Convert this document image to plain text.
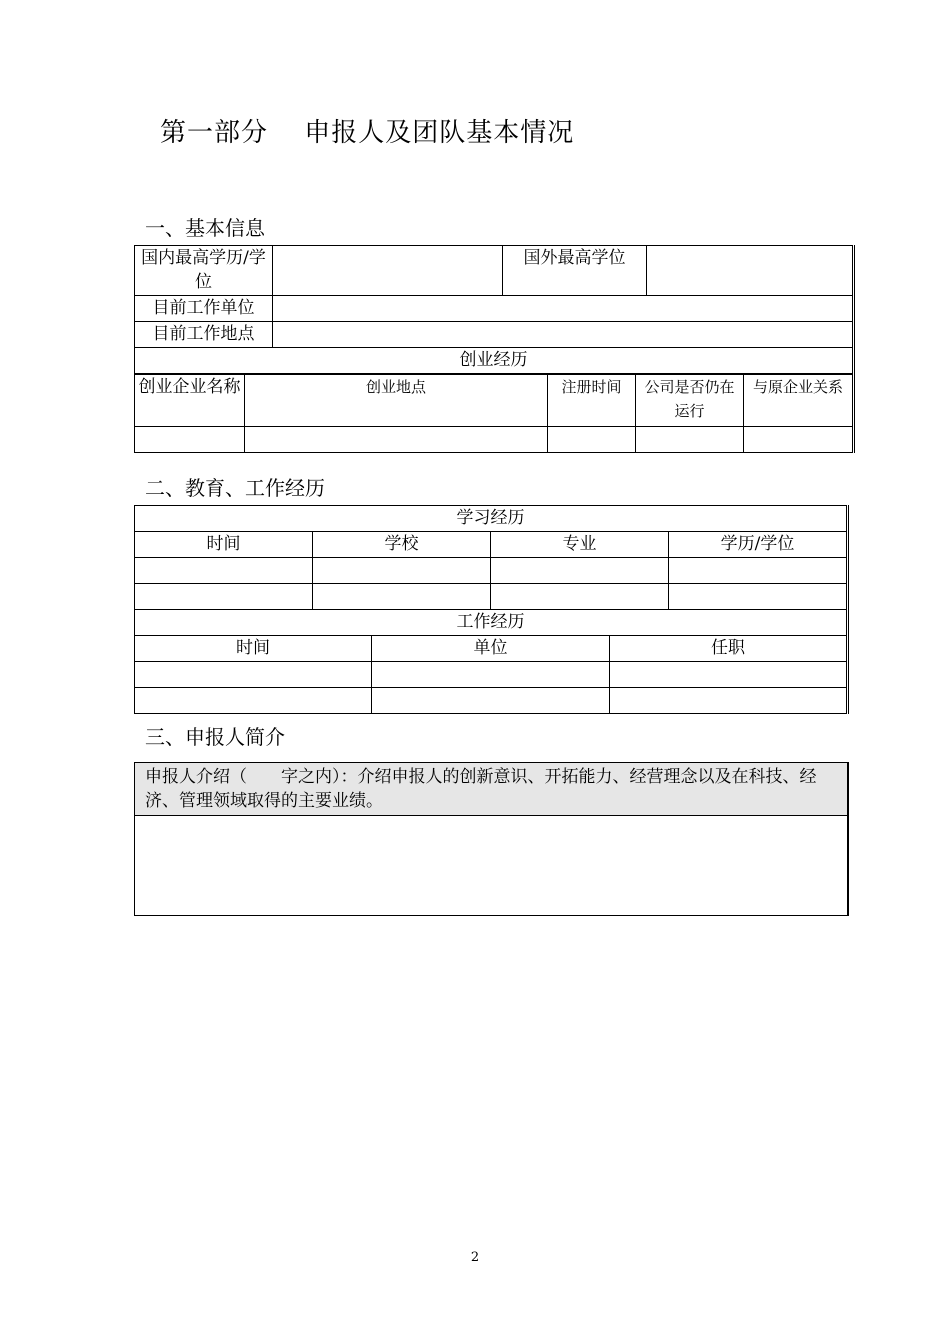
第一部分　 申报人及团队基本情况
一、基本信息
国内最高学历/学位		国外最高学位	
目前工作单位			
目前工作地点			
创业经历			
创业企业名称	创业地点	注册时间	公司是否仍在运行	与原企业关系

二、教育、工作经历
学习经历			
时间	学校	专业	学历/学位

工作经历		
时间	单位	任职

三、申报人简介
申报人介绍（　　字之内）：介绍申报人的创新意识、开拓能力、经营理念以及在科技、经济、管理领域取得的主要业绩。

2
